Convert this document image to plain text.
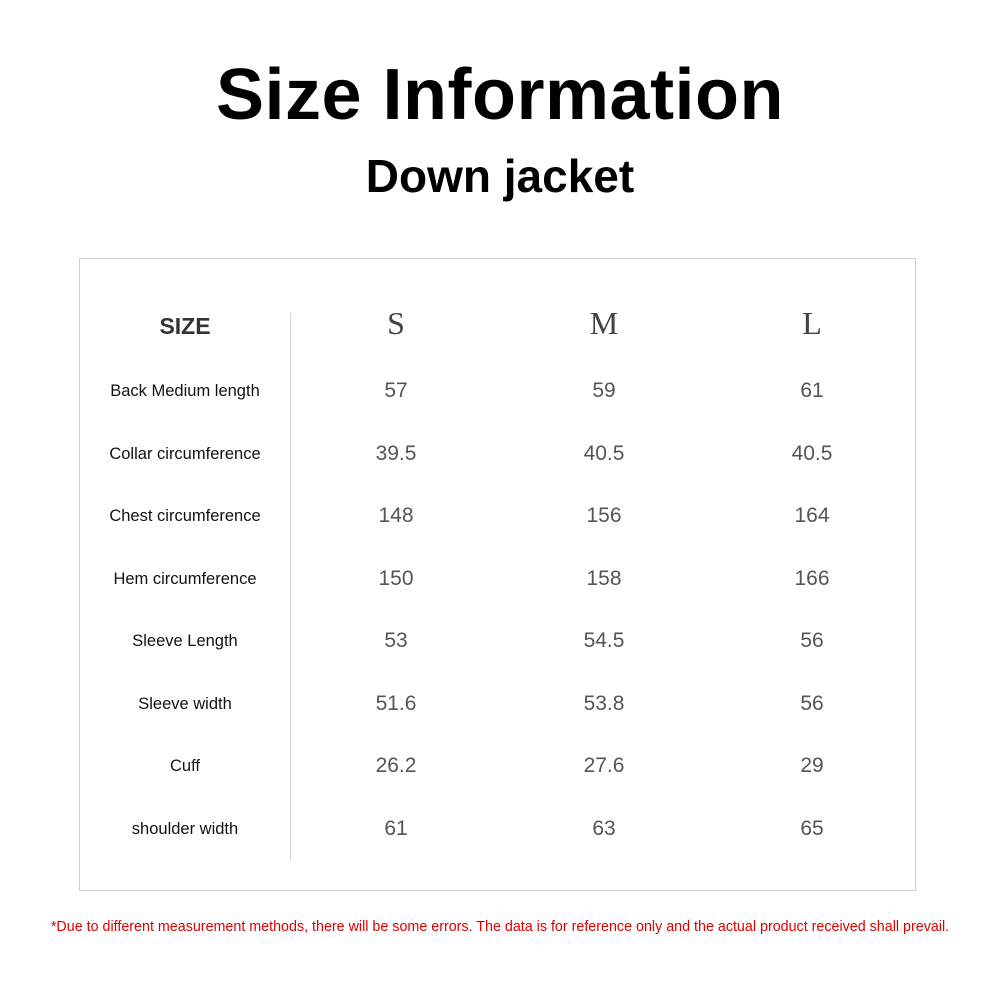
Size Information
Down jacket
SIZE	S	M	L
Back Medium length	57	59	61
Collar circumference	39.5	40.5	40.5
Chest circumference	148	156	164
Hem circumference	150	158	166
Sleeve Length	53	54.5	56
Sleeve width	51.6	53.8	56
Cuff	26.2	27.6	29
shoulder width	61	63	65
*Due to different measurement methods, there will be some errors. The data is for reference only and the actual product received shall prevail.
